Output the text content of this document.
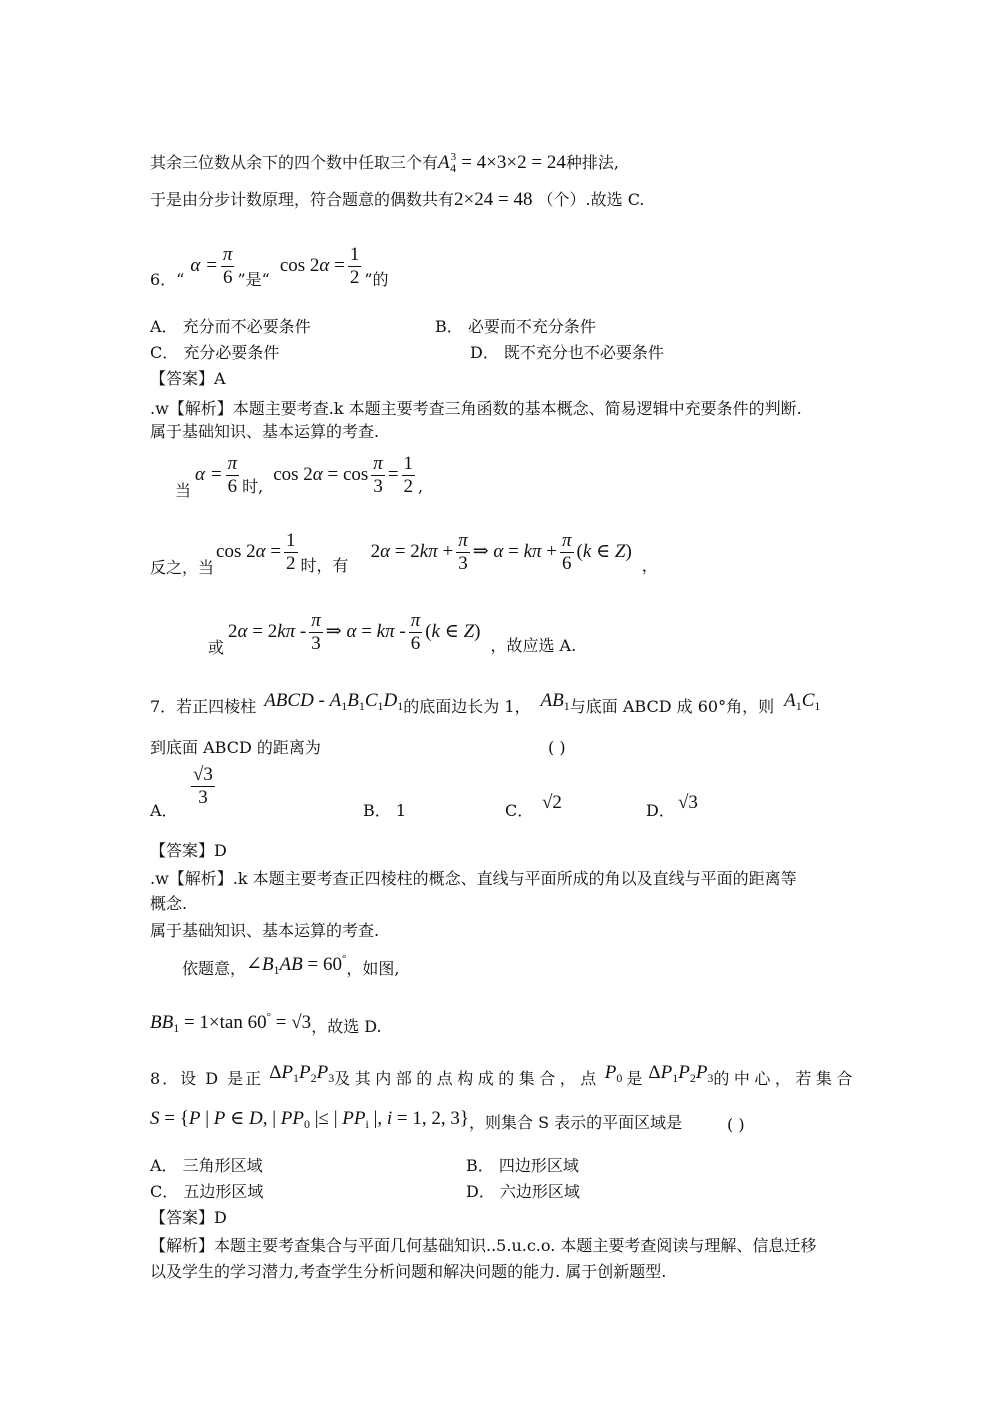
其余三位数从余下的四个数中任取三个有$A^3_4 = 4\times 3\times 2 = 24$种排法,
于是由分步计数原理，符合题意的偶数共有2×24 = 48 （个）.故选 C.
6．“$\alpha = \frac{\pi}{6}$ ”是“cos $2\alpha = \frac{1}{2}$ ”的
A． 充分而不必要条件	B． 必要而不充分条件
C． 充分必要条件	D． 既不充分也不必要条件
【答案】A
.w【解析】本题主要考查.k 本题主要考查三角函数的基本概念、简易逻辑中充要条件的判断.
属于基础知识、基本运算的考查.
当$\alpha = \frac{\pi}{6}$ 时,cos $2\alpha = \cos \frac{\pi}{3} = \frac{1}{2}$ ,
反之，当$\cos 2\alpha = \frac{1}{2}$ 时，有$2\alpha = 2k\pi + \frac{\pi}{3}$ ⇒ $\alpha = k\pi + \frac{\pi}{6} (k$ ∈ Z)，
或$2\alpha = 2k\pi - \frac{\pi}{3}$ ⇒ $\alpha = k\pi - \frac{\pi}{6} (k$ ∈ Z)，故应选 A.
7．若正四棱柱 ABCD - $A_1B_1C_1D_1$的底面边长为 1， $AB_1$与底面 ABCD 成 60°角，则 $A_1C_1$
到底面 ABCD 的距离为	( )
A．
$\frac{√3}{3}$
B． 1	C． √2	D． √3
【答案】D
.w【解析】.k 本题主要考查正四棱柱的概念、直线与平面所成的角以及直线与平面的距离等
概念.
属于基础知识、基本运算的考查.
依题意，$\angle B_1AB = 60^\circ$，如图,
$BB_1 = 1\times\tan$ 60° = √3，故选 D.
8．设 D 是正 $\Delta P_1P_2P_3$及其内部的点构成的集合，点 $P_0$ 是 $\Delta P_1P_2P_3$的中心，若集合
S = {P | P ∈ D, | $PP_0$ |≤ | $PP_i$ |, i = 1, 2, 3}，则集合 S 表示的平面区域是	( )
A． 三角形区域	B． 四边形区域
C． 五边形区域	D． 六边形区域
【答案】D
【解析】本题主要考查集合与平面几何基础知识..5.u.c.o. 本题主要考查阅读与理解、信息迁移
以及学生的学习潜力,考查学生分析问题和解决问题的能力. 属于创新题型.
